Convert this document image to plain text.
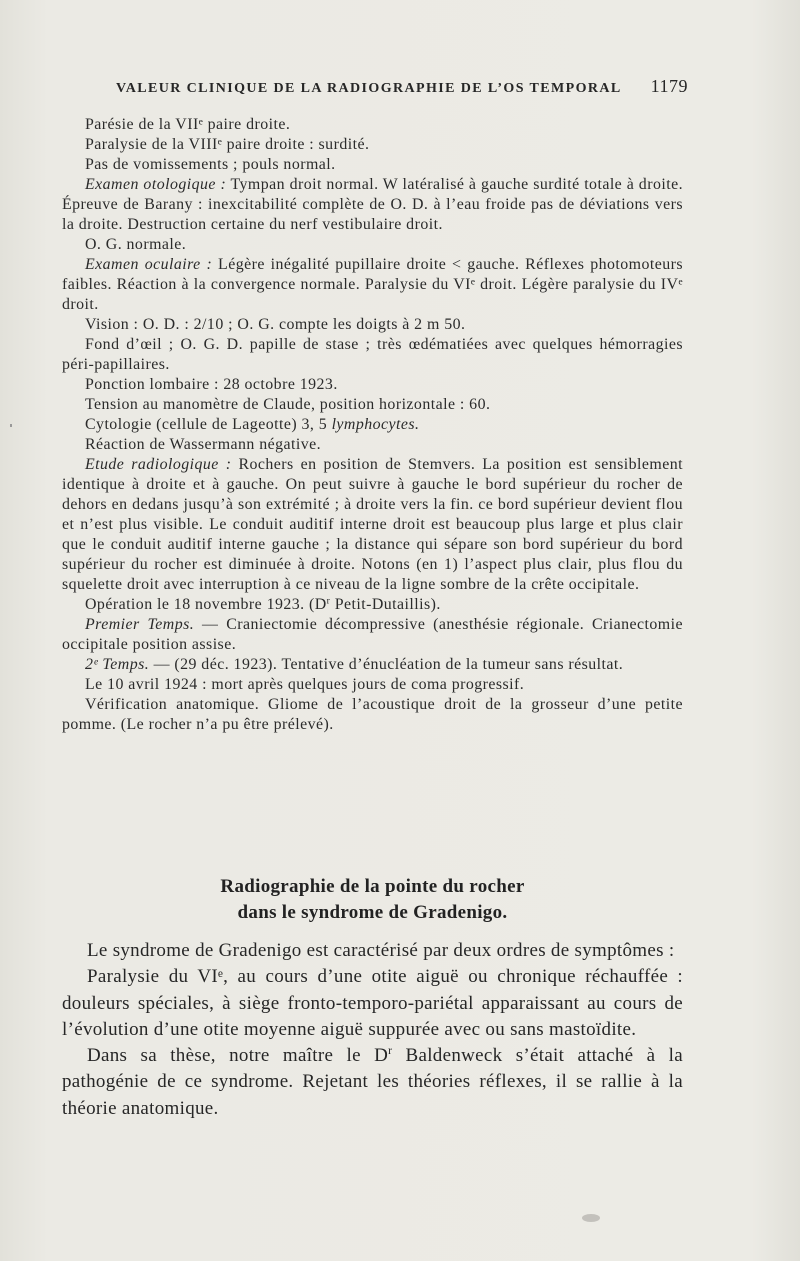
VALEUR CLINIQUE DE LA RADIOGRAPHIE DE L’OS TEMPORAL 1179

Parésie de la VIIᵉ paire droite.

Paralysie de la VIIIᵉ paire droite : surdité.

Pas de vomissements ; pouls normal.

Examen otologique : Tympan droit normal. W latéralisé à gauche surdité totale à droite. Épreuve de Barany : inexcitabilité complète de O. D. à l’eau froide pas de déviations vers la droite. Destruction certaine du nerf vestibulaire droit.

O. G. normale.

Examen oculaire : Légère inégalité pupillaire droite < gauche. Réflexes photomoteurs faibles. Réaction à la convergence normale. Paralysie du VIᵉ droit. Légère paralysie du IVᵉ droit.

Vision : O. D. : 2/10 ; O. G. compte les doigts à 2 m 50.

Fond d’œil ; O. G. D. papille de stase ; très œdématiées avec quelques hémorragies péri-papillaires.

Ponction lombaire : 28 octobre 1923.

Tension au manomètre de Claude, position horizontale : 60.

Cytologie (cellule de Lageotte) 3, 5 lymphocytes.

Réaction de Wassermann négative.

Etude radiologique : Rochers en position de Stemvers. La position est sensiblement identique à droite et à gauche. On peut suivre à gauche le bord supérieur du rocher de dehors en dedans jusqu’à son extrémité ; à droite vers la fin. ce bord supérieur devient flou et n’est plus visible. Le conduit auditif interne droit est beaucoup plus large et plus clair que le conduit auditif interne gauche ; la distance qui sépare son bord supérieur du bord supérieur du rocher est diminuée à droite. Notons (en 1) l’aspect plus clair, plus flou du squelette droit avec interruption à ce niveau de la ligne sombre de la crête occipitale.

Opération le 18 novembre 1923. ($D^r$ Petit-Dutaillis).

Premier Temps. — Craniectomie décompressive (anesthésie régionale. Crianectomie occipitale position assise.

2ᵉ Temps. — (29 déc. 1923). Tentative d’énucléation de la tumeur sans résultat.

Le 10 avril 1924 : mort après quelques jours de coma progressif.

Vérification anatomique. Gliome de l’acoustique droit de la grosseur d’une petite pomme. (Le rocher n’a pu être prélevé).

Radiographie de la pointe du rocher
dans le syndrome de Gradenigo.

Le syndrome de Gradenigo est caractérisé par deux ordres de symptômes :

Paralysie du VIᵉ, au cours d’une otite aiguë ou chronique réchauffée : douleurs spéciales, à siège fronto-temporo-pariétal apparaissant au cours de l’évolution d’une otite moyenne aiguë suppurée avec ou sans mastoïdite.

Dans sa thèse, notre maître le $D^r$ Baldenweck s’était attaché à la pathogénie de ce syndrome. Rejetant les théories réflexes, il se rallie à la théorie anatomique.
